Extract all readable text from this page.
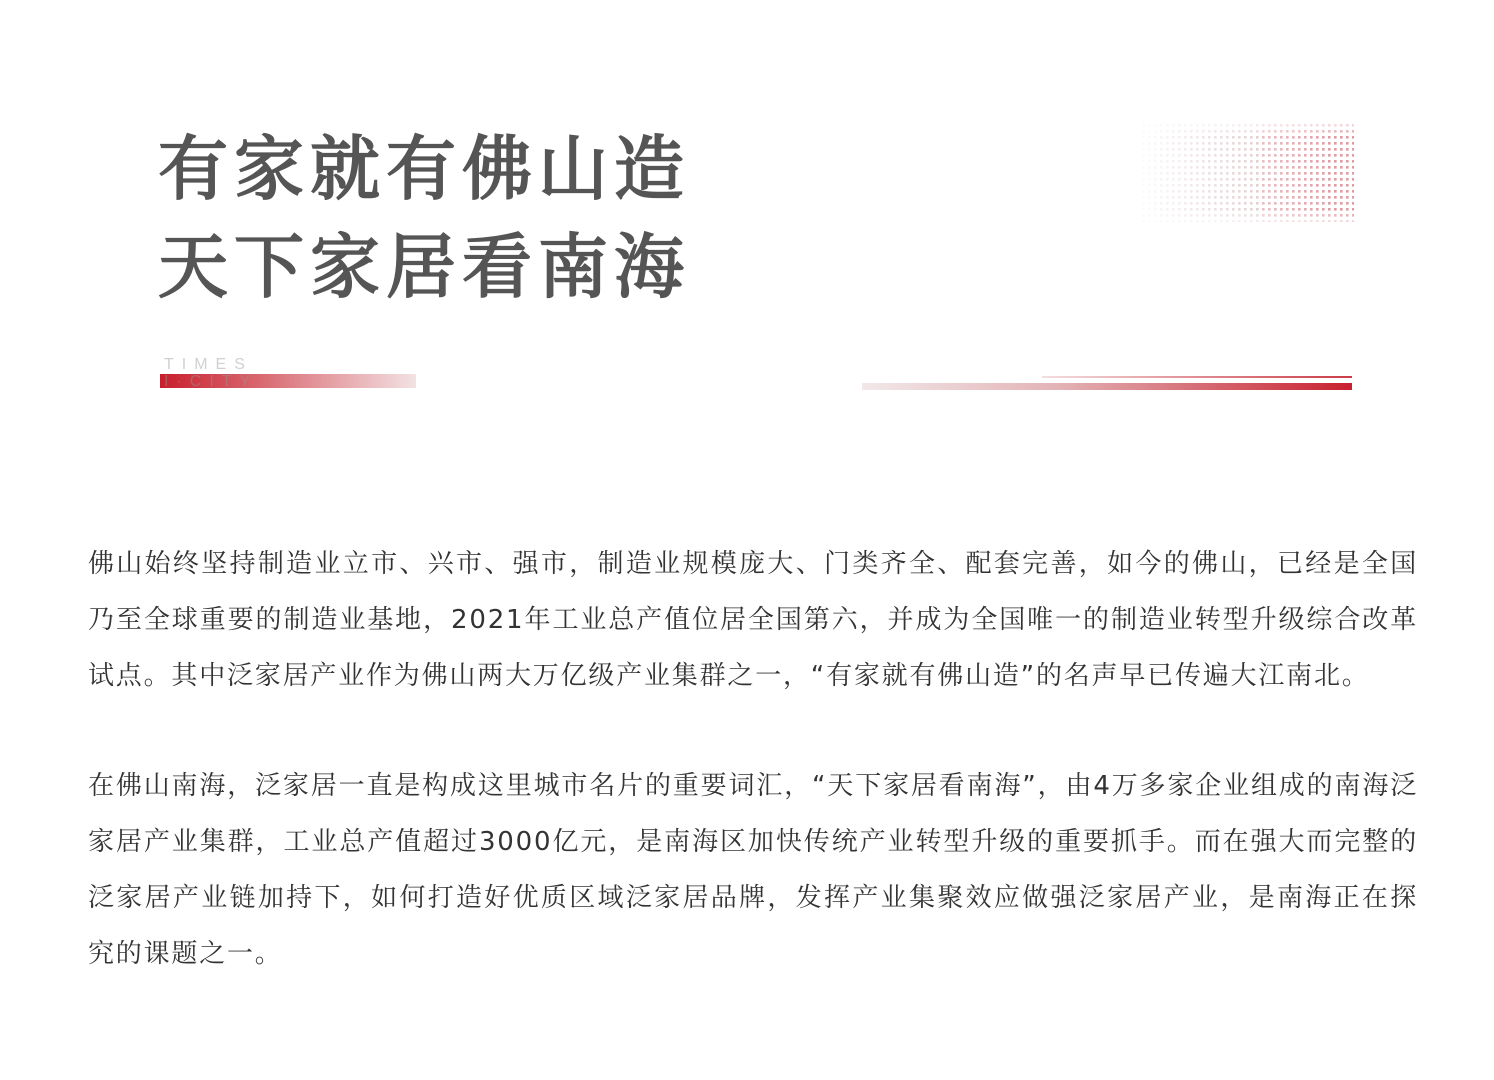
有家就有佛山造
天下家居看南海
TIMES
I·CITY

佛山始终坚持制造业立市、兴市、强市，制造业规模庞大、门类齐全、配套完善，如今的佛山，已经是全国乃至全球重要的制造业基地，2021年工业总产值位居全国第六，并成为全国唯一的制造业转型升级综合改革试点。其中泛家居产业作为佛山两大万亿级产业集群之一，“有家就有佛山造”的名声早已传遍大江南北。

在佛山南海，泛家居一直是构成这里城市名片的重要词汇，“天下家居看南海”，由4万多家企业组成的南海泛家居产业集群，工业总产值超过3000亿元，是南海区加快传统产业转型升级的重要抓手。而在强大而完整的泛家居产业链加持下，如何打造好优质区域泛家居品牌，发挥产业集聚效应做强泛家居产业，是南海正在探究的课题之一。
